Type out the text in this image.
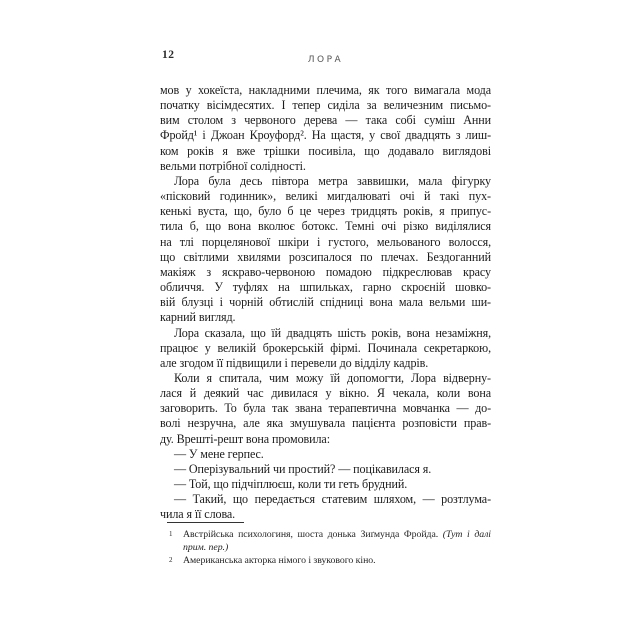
12	ЛОРА
мов у хокеїста, накладними плечима, як того вимагала мода
початку вісімдесятих. І тепер сиділа за величезним письмо-
вим столом з червоного дерева — така собі суміш Анни
Фройд¹ і Джоан Кроуфорд². На щастя, у свої двадцять з лиш-
ком років я вже трішки посивіла, що додавало виглядові
вельми потрібної солідності.
Лора була десь півтора метра заввишки, мала фігурку
«пісковий годинник», великі мигдалюваті очі й такі пух-
кенькі вуста, що, було б це через тридцять років, я припус-
тила б, що вона вколює ботокс. Темні очі різко виділялися
на тлі порцелянової шкіри і густого, мельованого волосся,
що світлими хвилями розсипалося по плечах. Бездоганний
макіяж з яскраво-червоною помадою підкреслював красу
обличчя. У туфлях на шпильках, гарно скроєній шовко-
вій блузці і чорній обтислій спідниці вона мала вельми ши-
карний вигляд.
Лора сказала, що їй двадцять шість років, вона незаміжня,
працює у великій брокерській фірмі. Починала секретаркою,
але згодом її підвищили і перевели до відділу кадрів.
Коли я спитала, чим можу їй допомогти, Лора відверну-
лася й деякий час дивилася у вікно. Я чекала, коли вона
заговорить. То була так звана терапевтична мовчанка — до-
волі незручна, але яка змушувала пацієнта розповісти прав-
ду. Врешті-решт вона промовила:
— У мене герпес.
— Оперізувальний чи простий? — поцікавилася я.
— Той, що підчіплюєш, коли ти геть брудний.
— Такий, що передається статевим шляхом, — розтлума-
чила я її слова.
1	Австрійська психологиня, шоста донька Зиґмунда Фройда. (Тут і далі
прим. пер.)
2	Американська акторка німого і звукового кіно.
